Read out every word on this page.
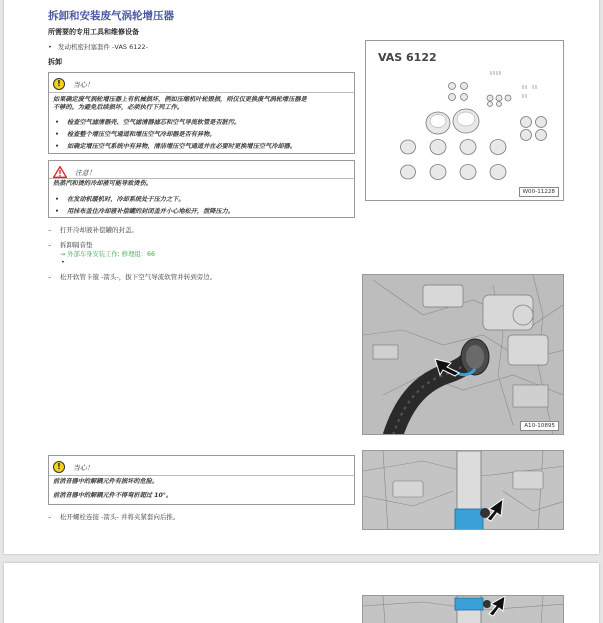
拆卸和安装废气涡轮增压器
所需要的专用工具和维修设备
• 发动机密封塞套件 -VAS 6122-
拆卸
!	当心！
如果确定废气涡轮增压器上有机械损坏，例如压缩机叶轮毁损，则仅仅更换废气涡轮增压器是
不够的。为避免后续损坏，必须执行下列工作。
• 检查空气滤清器壳、空气滤清器滤芯和空气导流软管是否脏污。
• 检查整个增压空气通道和增压空气冷却器是否有异物。
• 如确定增压空气系统中有异物，清洁增压空气通道并在必要时更换增压空气冷却器。
注意！
热蒸汽和烫的冷却液可能导致烫伤。
• 在发动机暖机时，冷却系统处于压力之下。
• 用抹布盖住冷却液补偿罐的封闭盖并小心地松开，泄降压力。
– 打开冷却液补偿罐的封盖。
– 拆卸隔音垫
→ 外部车身安装工作; 修理组：66
•
– 松开软管卡箍 -箭头-，拔下空气导流软管并转到旁边。
!	当心！
前消音器中的解耦元件有损坏的危险。
前消音器中的解耦元件不得弯折超过 10°。
– 松开螺栓连接 -箭头- 并将夹紧套向后推。
VAS 6122
W00-11228
A10-10895
